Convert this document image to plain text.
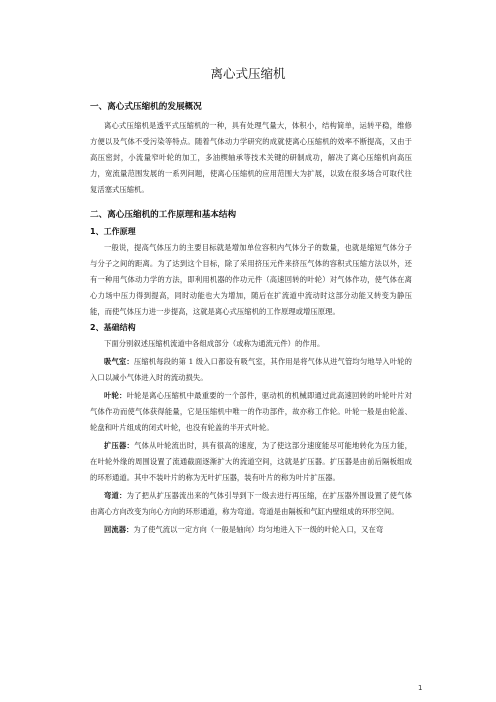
离心式压缩机
一、离心式压缩机的发展概况

离心式压缩机是透平式压缩机的一种，具有处理气量大，体积小，结构简单，运转平稳，维修方便以及气体不受污染等特点。随着气体动力学研究的成就使离心压缩机的效率不断提高，又由于高压密封，小流量窄叶轮的加工，多油楔轴承等技术关键的研制成功，解决了离心压缩机向高压力，宽流量范围发展的一系列问题，使离心压缩机的应用范围大为扩展，以致在很多场合可取代往复活塞式压缩机。

二、离心压缩机的工作原理和基本结构
1、工作原理

一般说，提高气体压力的主要目标就是增加单位容积内气体分子的数量，也就是缩短气体分子与分子之间的距离。为了达到这个目标，除了采用挤压元件来挤压气体的容积式压缩方法以外，还有一种用气体动力学的方法，即利用机器的作功元件（高速回转的叶轮）对气体作功，使气体在离心力场中压力得到提高，同时动能也大为增加，随后在扩流道中流动时这部分动能又转变为静压能，而使气体压力进一步提高，这就是离心式压缩机的工作原理或增压原理。

2、基础结构

下面分别叙述压缩机流道中各组成部分（或称为通流元件）的作用。

吸气室：压缩机每段的第 1 级入口都设有吸气室，其作用是将气体从进气管均匀地导入叶轮的入口以减小气体进入时的流动损失。

叶轮：叶轮是离心压缩机中最重要的一个部件，驱动机的机械即通过此高速回转的叶轮叶片对气体作功而使气体获得能量，它是压缩机中唯一的作功部件，故亦称工作轮。叶轮一般是由轮盖、轮盘和叶片组成的闭式叶轮，也没有轮盖的半开式叶轮。

扩压器：气体从叶轮流出时，具有很高的速度，为了使这部分速度能尽可能地转化为压力能，在叶轮外缘的周围设置了流通截面逐渐扩大的流道空间，这就是扩压器。扩压器是由前后隔板组成的环形通道。其中不装叶片的称为无叶扩压器，装有叶片的称为叶片扩压器。

弯道：为了把从扩压器流出来的气体引导到下一级去进行再压缩，在扩压器外围设置了使气体由离心方向改变为向心方向的环形通道，称为弯道。弯道是由隔板和气缸内壁组成的环形空间。

回流器：为了使气流以一定方向（一般是轴向）均匀地进入下一级的叶轮入口，又在弯

1
